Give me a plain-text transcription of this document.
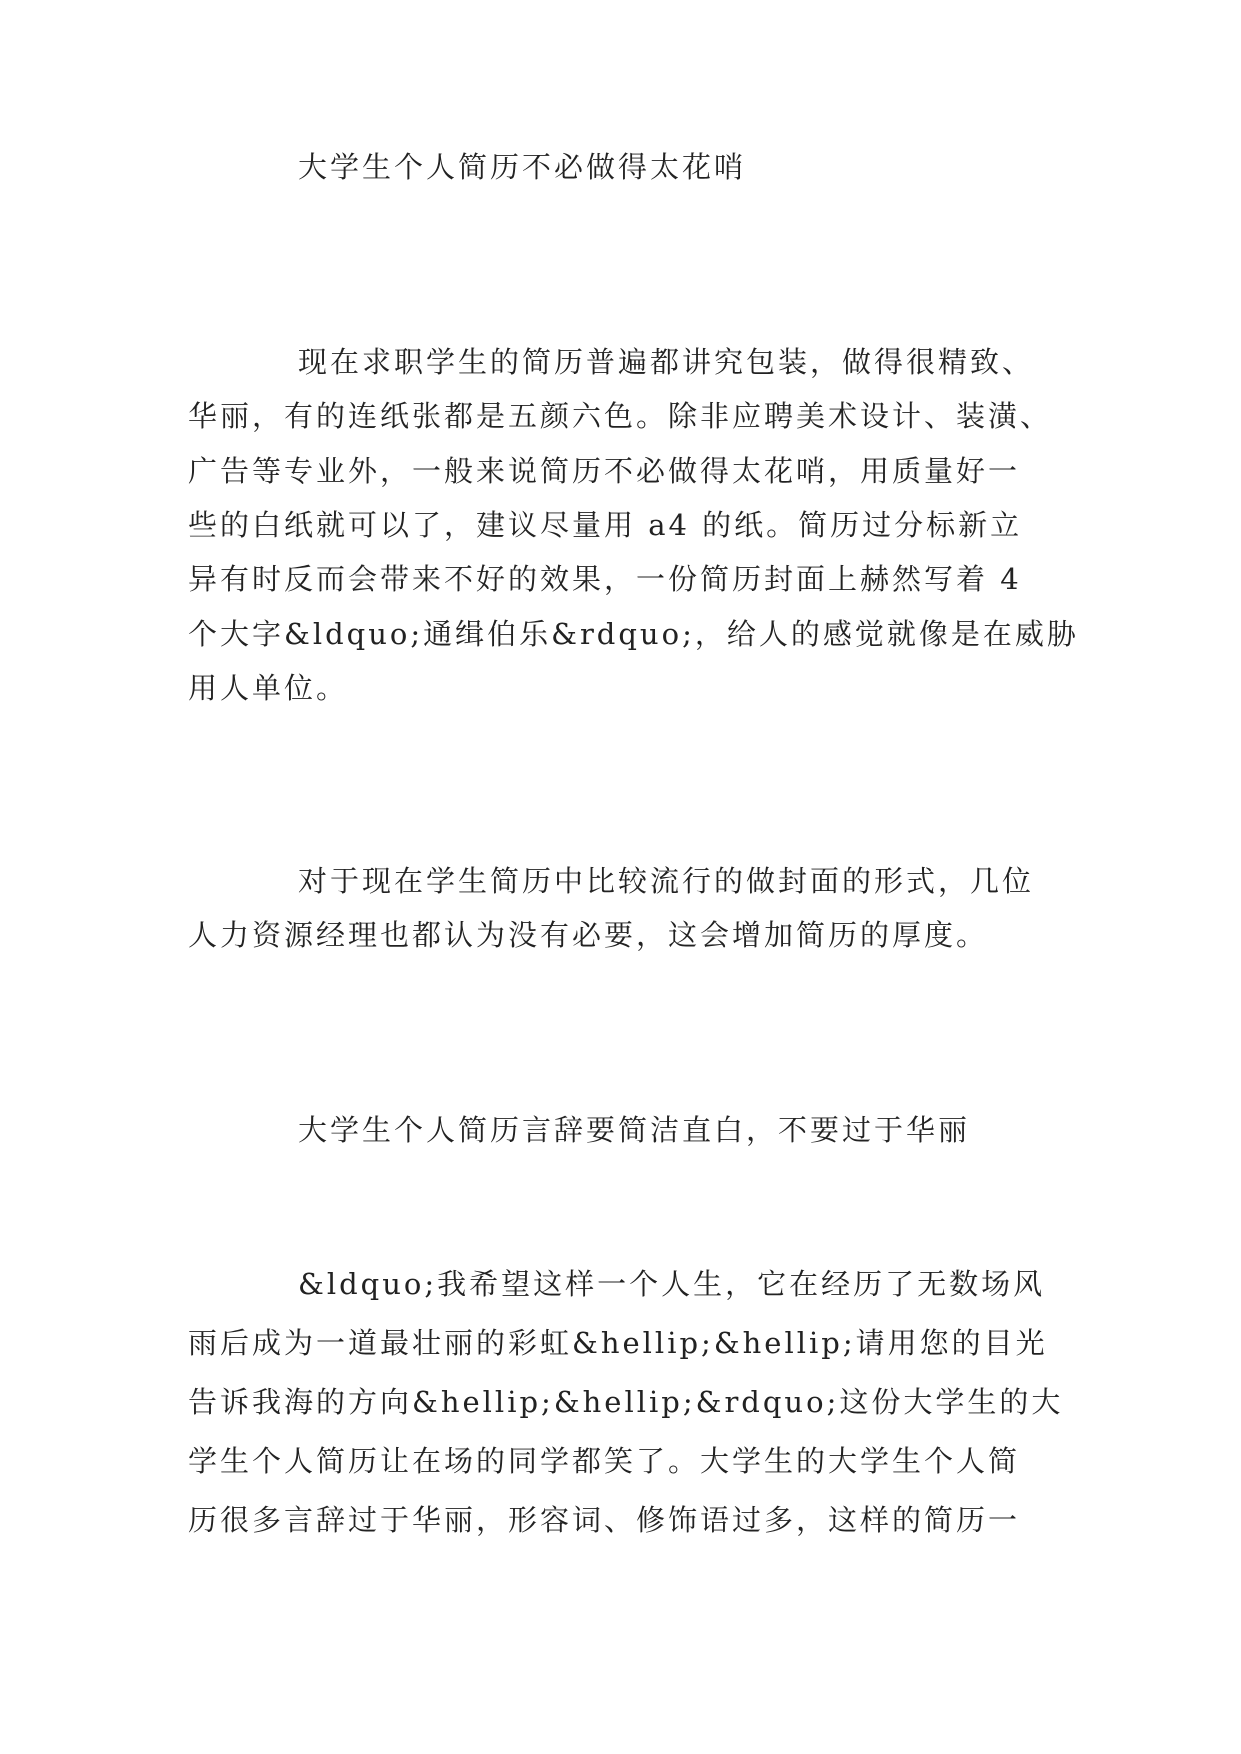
大学生个人简历不必做得太花哨
现在求职学生的简历普遍都讲究包装，做得很精致、
华丽，有的连纸张都是五颜六色。除非应聘美术设计、装潢、
广告等专业外，一般来说简历不必做得太花哨，用质量好一
些的白纸就可以了，建议尽量用 a4 的纸。简历过分标新立
异有时反而会带来不好的效果，一份简历封面上赫然写着 4
个大字&ldquo;通缉伯乐&rdquo;，给人的感觉就像是在威胁
用人单位。
对于现在学生简历中比较流行的做封面的形式，几位
人力资源经理也都认为没有必要，这会增加简历的厚度。
大学生个人简历言辞要简洁直白，不要过于华丽
&ldquo;我希望这样一个人生，它在经历了无数场风
雨后成为一道最壮丽的彩虹&hellip;&hellip;请用您的目光
告诉我海的方向&hellip;&hellip;&rdquo;这份大学生的大
学生个人简历让在场的同学都笑了。大学生的大学生个人简
历很多言辞过于华丽，形容词、修饰语过多，这样的简历一
